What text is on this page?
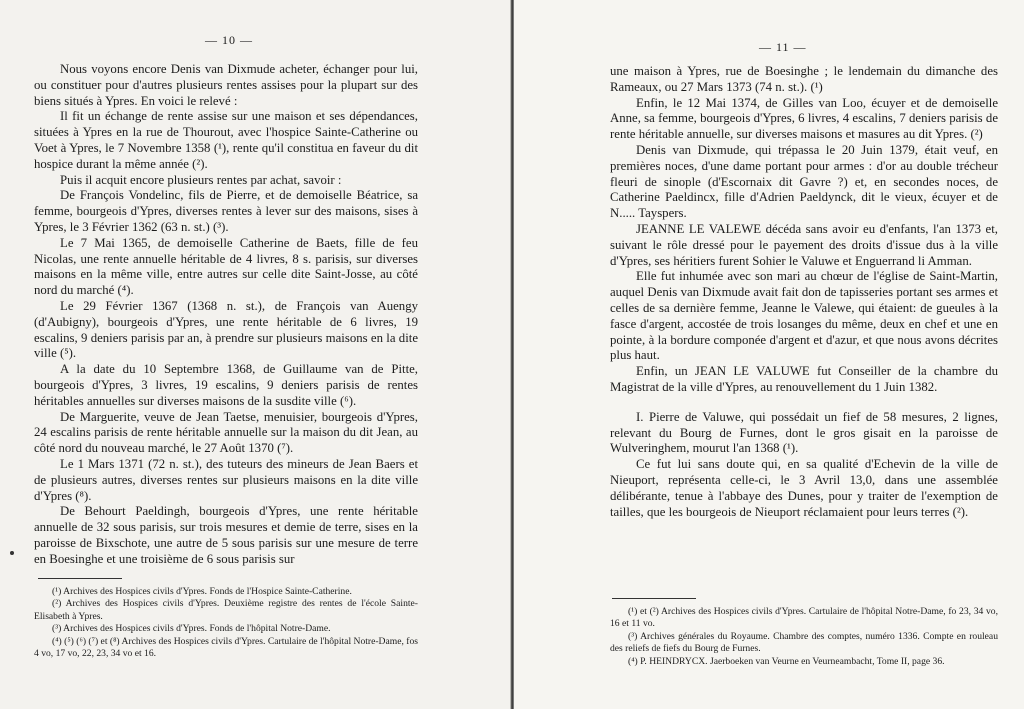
— 10 —

Nous voyons encore Denis van Dixmude acheter, échanger pour lui, ou constituer pour d'autres plusieurs rentes assises pour la plupart sur des biens situés à Ypres. En voici le relevé :

Il fit un échange de rente assise sur une maison et ses dépendances, situées à Ypres en la rue de Thourout, avec l'hospice Sainte-Catherine ou Voet à Ypres, le 7 Novembre 1358 (¹), rente qu'il constitua en faveur du dit hospice durant la même année (²).

Puis il acquit encore plusieurs rentes par achat, savoir :

De François Vondelinc, fils de Pierre, et de demoiselle Béatrice, sa femme, bourgeois d'Ypres, diverses rentes à lever sur des maisons, sises à Ypres, le 3 Février 1362 (63 n. st.) (³).

Le 7 Mai 1365, de demoiselle Catherine de Baets, fille de feu Nicolas, une rente annuelle héritable de 4 livres, 8 s. parisis, sur diverses maisons en la même ville, entre autres sur celle dite Saint-Josse, au côté nord du marché (⁴).

Le 29 Février 1367 (1368 n. st.), de François van Auengy (d'Aubigny), bourgeois d'Ypres, une rente héritable de 6 livres, 19 escalins, 9 deniers parisis par an, à prendre sur plusieurs maisons en la dite ville (⁵).

A la date du 10 Septembre 1368, de Guillaume van de Pitte, bourgeois d'Ypres, 3 livres, 19 escalins, 9 deniers parisis de rentes héritables annuelles sur diverses maisons de la susdite ville (⁶).

De Marguerite, veuve de Jean Taetse, menuisier, bourgeois d'Ypres, 24 escalins parisis de rente héritable annuelle sur la maison du dit Jean, au côté nord du nouveau marché, le 27 Août 1370 (⁷).

Le 1 Mars 1371 (72 n. st.), des tuteurs des mineurs de Jean Baers et de plusieurs autres, diverses rentes sur plusieurs maisons en la dite ville d'Ypres (⁸).

De Behourt Paeldingh, bourgeois d'Ypres, une rente héritable annuelle de 32 sous parisis, sur trois mesures et demie de terre, sises en la paroisse de Bixschote, une autre de 5 sous parisis sur une mesure de terre en Boesinghe et une troisième de 6 sous parisis sur

(¹) Archives des Hospices civils d'Ypres. Fonds de l'Hospice Sainte-Catherine.

(²) Archives des Hospices civils d'Ypres. Deuxième registre des rentes de l'école Sainte-Elisabeth à Ypres.

(³) Archives des Hospices civils d'Ypres. Fonds de l'hôpital Notre-Dame.

(⁴) (⁵) (⁶) (⁷) et (⁸) Archives des Hospices civils d'Ypres. Cartulaire de l'hôpital Notre-Dame, fos 4 vo, 17 vo, 22, 23, 34 vo et 16.

— 11 —

une maison à Ypres, rue de Boesinghe ; le lendemain du dimanche des Rameaux, ou 27 Mars 1373 (74 n. st.). (¹)

Enfin, le 12 Mai 1374, de Gilles van Loo, écuyer et de demoiselle Anne, sa femme, bourgeois d'Ypres, 6 livres, 4 escalins, 7 deniers parisis de rente héritable annuelle, sur diverses maisons et masures au dit Ypres. (²)

Denis van Dixmude, qui trépassa le 20 Juin 1379, était veuf, en premières noces, d'une dame portant pour armes : d'or au double trécheur fleuri de sinople (d'Escornaix dit Gavre ?) et, en secondes noces, de Catherine Paeldincx, fille d'Adrien Paeldynck, dit le vieux, écuyer et de N..... Tayspers.

JEANNE LE VALEWE décéda sans avoir eu d'enfants, l'an 1373 et, suivant le rôle dressé pour le payement des droits d'issue dus à la ville d'Ypres, ses héritiers furent Sohier le Valuwe et Enguerrand li Amman.

Elle fut inhumée avec son mari au chœur de l'église de Saint-Martin, auquel Denis van Dixmude avait fait don de tapisseries portant ses armes et celles de sa dernière femme, Jeanne le Valewe, qui étaient: de gueules à la fasce d'argent, accostée de trois losanges du même, deux en chef et une en pointe, à la bordure componée d'argent et d'azur, et que nous avons décrites plus haut.

Enfin, un JEAN LE VALUWE fut Conseiller de la chambre du Magistrat de la ville d'Ypres, au renouvellement du 1 Juin 1382.

I. Pierre de Valuwe, qui possédait un fief de 58 mesures, 2 lignes, relevant du Bourg de Furnes, dont le gros gisait en la paroisse de Wulveringhem, mourut l'an 1368 (¹).

Ce fut lui sans doute qui, en sa qualité d'Echevin de la ville de Nieuport, représenta celle-ci, le 3 Avril 13,0, dans une assemblée délibérante, tenue à l'abbaye des Dunes, pour y traiter de l'exemption de tailles, que les bourgeois de Nieuport réclamaient pour leurs terres (²).

(¹) et (²) Archives des Hospices civils d'Ypres. Cartulaire de l'hôpital Notre-Dame, fo 23, 34 vo, 16 et 11 vo.

(³) Archives générales du Royaume. Chambre des comptes, numéro 1336. Compte en rouleau des reliefs de fiefs du Bourg de Furnes.

(⁴) P. HEINDRYCX. Jaerboeken van Veurne en Veurneambacht, Tome II, page 36.
